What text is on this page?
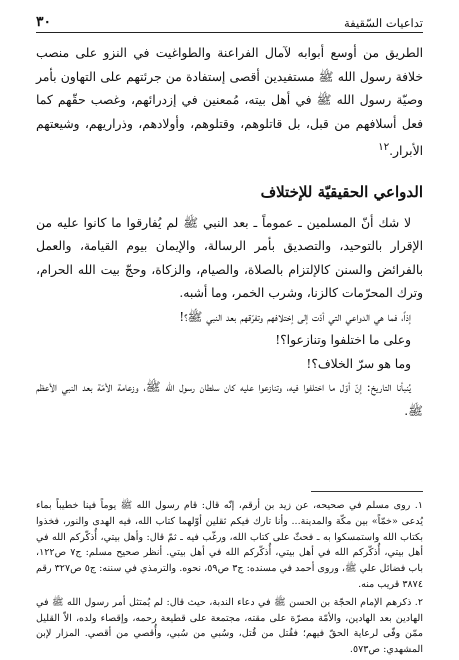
تداعيات السّقيفة
٣٠

الطريق من أوسع أبوابه لآمال الفراعنة والطواغيت في النزو على منصب خلافة رسول الله ﷺ مستفيدين أقصى إستفادة من جرئتهم على التهاون بأمر وصيّة رسول الله ﷺ في أهل بيته، مُمعنين في إزدرائهم، وغصب حقّهم كما فعل أسلافهم من قبل، بل قاتلوهم، وقتلوهم، وأولادهم، وذراريهم، وشيعتهم الأبرار.$^{١٢}$

الدواعي الحقيقيّة للإختلاف

لا شك أنّ المسلمين ـ عموماً ـ بعد النبي ﷺ لم يُفارقوا ما كانوا عليه من الإقرار بالتوحيد، والتصديق بأمر الرسالة، والإيمان بيوم القيامة، والعمل بالفرائض والسنن كالإلتزام بالصلاة، والصيام، والزكاة، وحجّ بيت الله الحرام، وترك المحرّمات كالزنا، وشرب الخمر، وما أشبه.

إذاً، فما هي الدواعي التي أدّت إلى إختلافهم وتفرّقهم بعد النبي ﷺ؟!
وعلى ما اختلفوا وتنازعوا؟!
وما هو سرّ الخلاف؟!

يُنبأنا التاريخ: إنّ أوّل ما اختلفوا فيه، وتنازعوا عليه كان سلطان رسول الله ﷺ، وزعامة الأمّة بعد النبي الأعظم ﷺ.

١. روى مسلم في صحيحه، عن زيد بن أرقم، إنّه قال: قام رسول الله ﷺ يوماً فينا خطيباً بماء يُدعى «خمّاً» بين مكّة والمدينة... وأنا تارك فيكم ثقلين أوّلهما كتاب الله، فيه الهدى والنور، فخذوا بكتاب الله واستمسكوا به ـ فحثّ على كتاب الله، ورغّب فيه ـ ثمّ قال: وأهل بيتي، أُذكّركم الله في أهل بيتي، أُذكّركم الله في أهل بيتي، أُذكّركم الله في أهل بيتي. أنظر صحيح مسلم: ج٧ ص١٢٢، باب فضائل علي ﷺ، وروى أحمد في مسنده: ج٣ ص٥٩، نحوه. والترمذي في سننه: ج٥ ص٣٢٧ رقم ٣٨٧٤ قريب منه.

٢. ذكرهم الإمام الحجّة بن الحسن ﷺ في دعاء الندبة، حيث قال: لم يُمتثل أمر رسول الله ﷺ في الهادين بعد الهادين، والأمّة مصرّة على مقته، مجتمعة على قطيعة رحمه، وإقصاء ولده، الاّ القليل ممّن وفّى لرعاية الحقّ فيهم؛ فقُتل من قُتل، وسُبي من سُبي، وأُقصي من أقصي. المزار لإبن المشهدي: ص٥٧٣.
